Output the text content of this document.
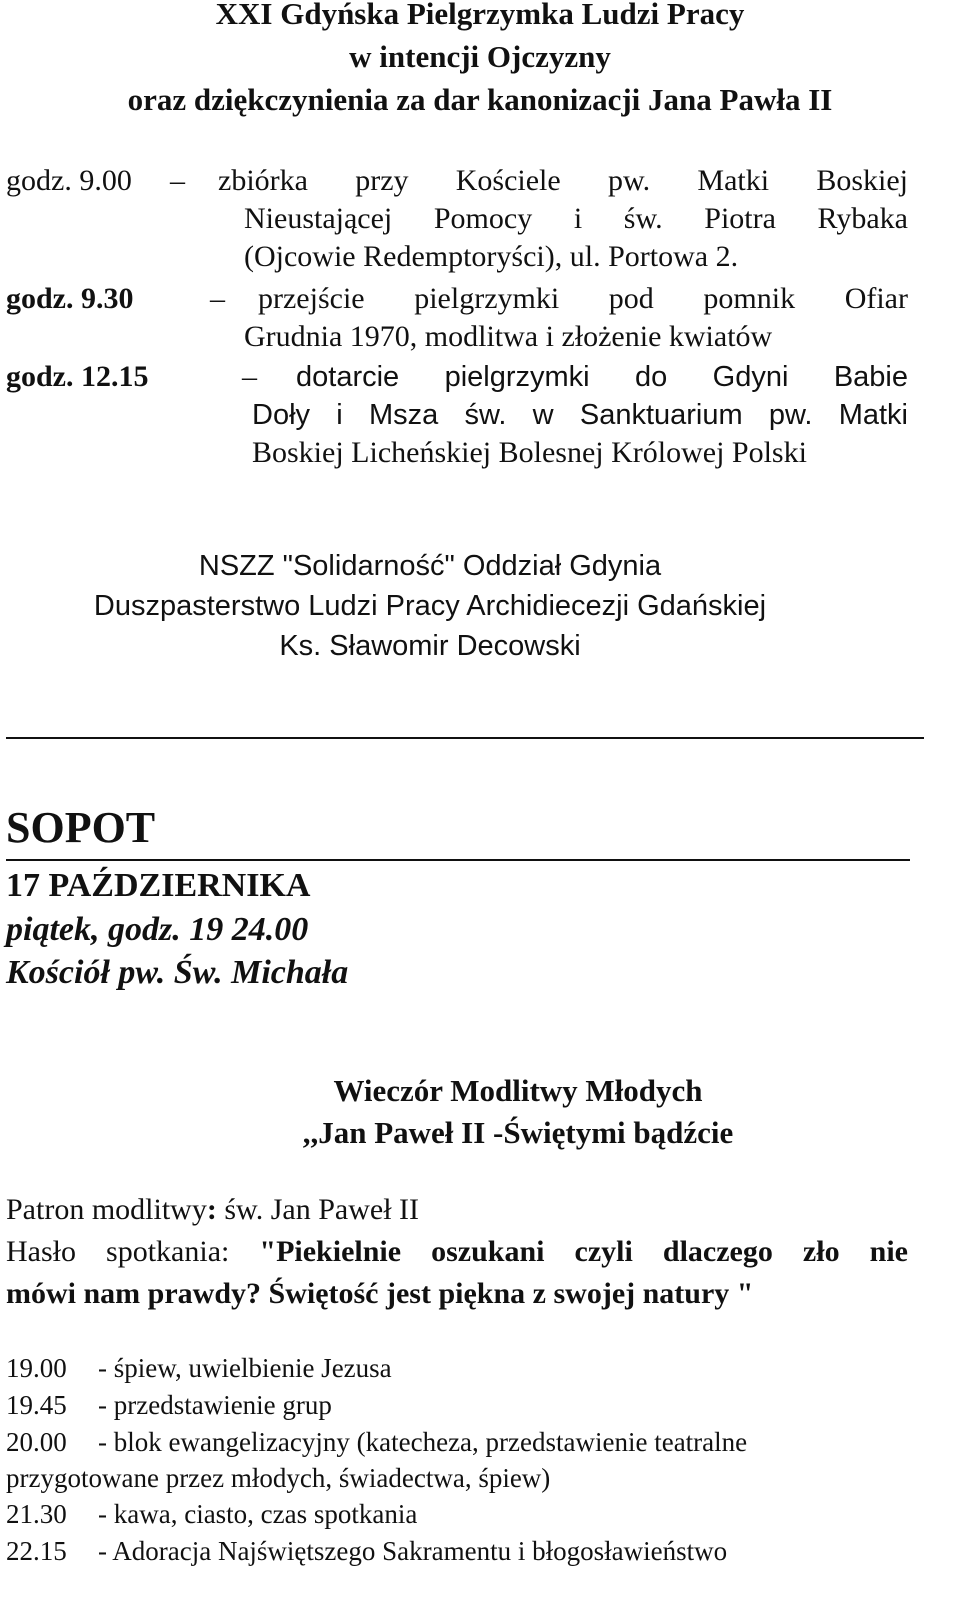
XXI Gdyńska Pielgrzymka Ludzi Pracy
w intencji Ojczyzny
oraz dziękczynienia za dar kanonizacji Jana Pawła II
godz. 9.00 – zbiórka przy Kościele pw. Matki Boskiej
Nieustającej Pomocy i św. Piotra Rybaka
(Ojcowie Redemptoryści), ul. Portowa 2.
godz. 9.30	– przejście pielgrzymki pod pomnik Ofiar
Grudnia 1970, modlitwa i złożenie kwiatów
godz. 12.15	– dotarcie pielgrzymki do Gdyni Babie
Doły i Msza św. w Sanktuarium pw. Matki
Boskiej Licheńskiej Bolesnej Królowej Polski
NSZZ "Solidarność" Oddział Gdynia
Duszpasterstwo Ludzi Pracy Archidiecezji Gdańskiej
Ks. Sławomir Decowski
SOPOT
17 PAŹDZIERNIKA
piątek, godz. 19 24.00
Kościół pw. Św. Michała
Wieczór Modlitwy Młodych
,,Jan Paweł II -Świętymi bądźcie
Patron modlitwy: św. Jan Paweł II
Hasło spotkania: "Piekielnie oszukani czyli dlaczego zło nie
mówi nam prawdy? Świętość jest piękna z swojej natury "
19.00 - śpiew, uwielbienie Jezusa
19.45 - przedstawienie grup
20.00 - blok ewangelizacyjny (katecheza, przedstawienie teatralne
przygotowane przez młodych, świadectwa, śpiew)
21.30 - kawa, ciasto, czas spotkania
22.15 - Adoracja Najświętszego Sakramentu i błogosławieństwo
